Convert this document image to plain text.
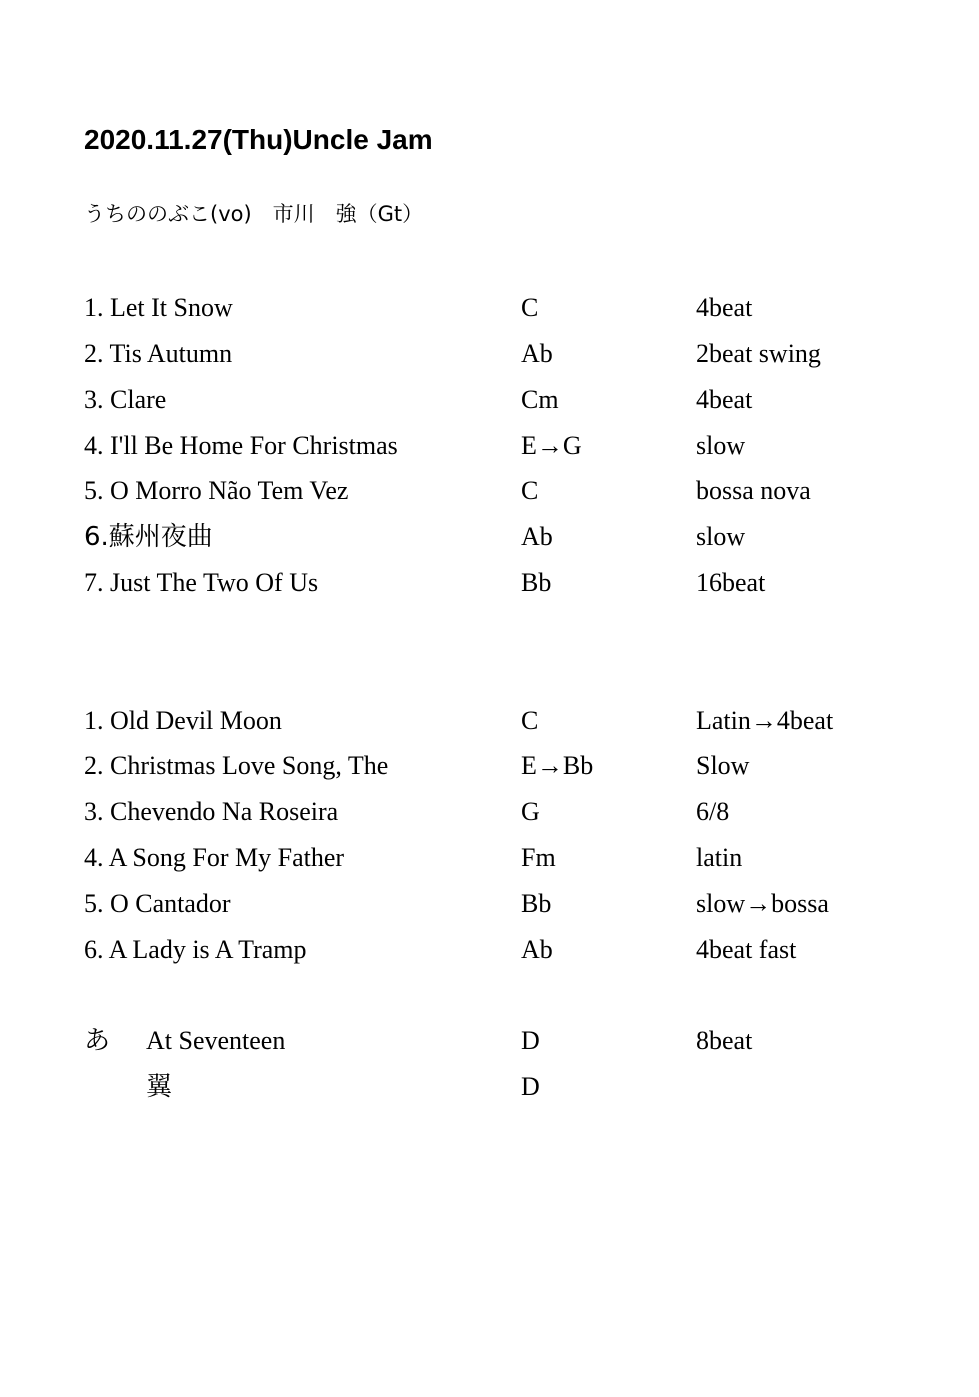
2020.11.27(Thu)Uncle Jam
うちののぶこ(vo)　市川　強（Gt）
1. Let It Snow	C	4beat
2. Tis Autumn	Ab	2beat swing
3. Clare	Cm	4beat
4. I'll Be Home For Christmas	E→G	slow
5. O Morro Não Tem Vez	C	bossa nova
6.蘇州夜曲	Ab	slow
7. Just The Two Of Us	Bb	16beat
1. Old Devil Moon	C	Latin→4beat
2. Christmas Love Song, The	E→Bb	Slow
3. Chevendo Na Roseira	G	6/8
4. A Song For My Father	Fm	latin
5. O Cantador	Bb	slow→bossa
6. A Lady is A Tramp	Ab	4beat fast
あ At Seventeen	D	8beat
翼	D
